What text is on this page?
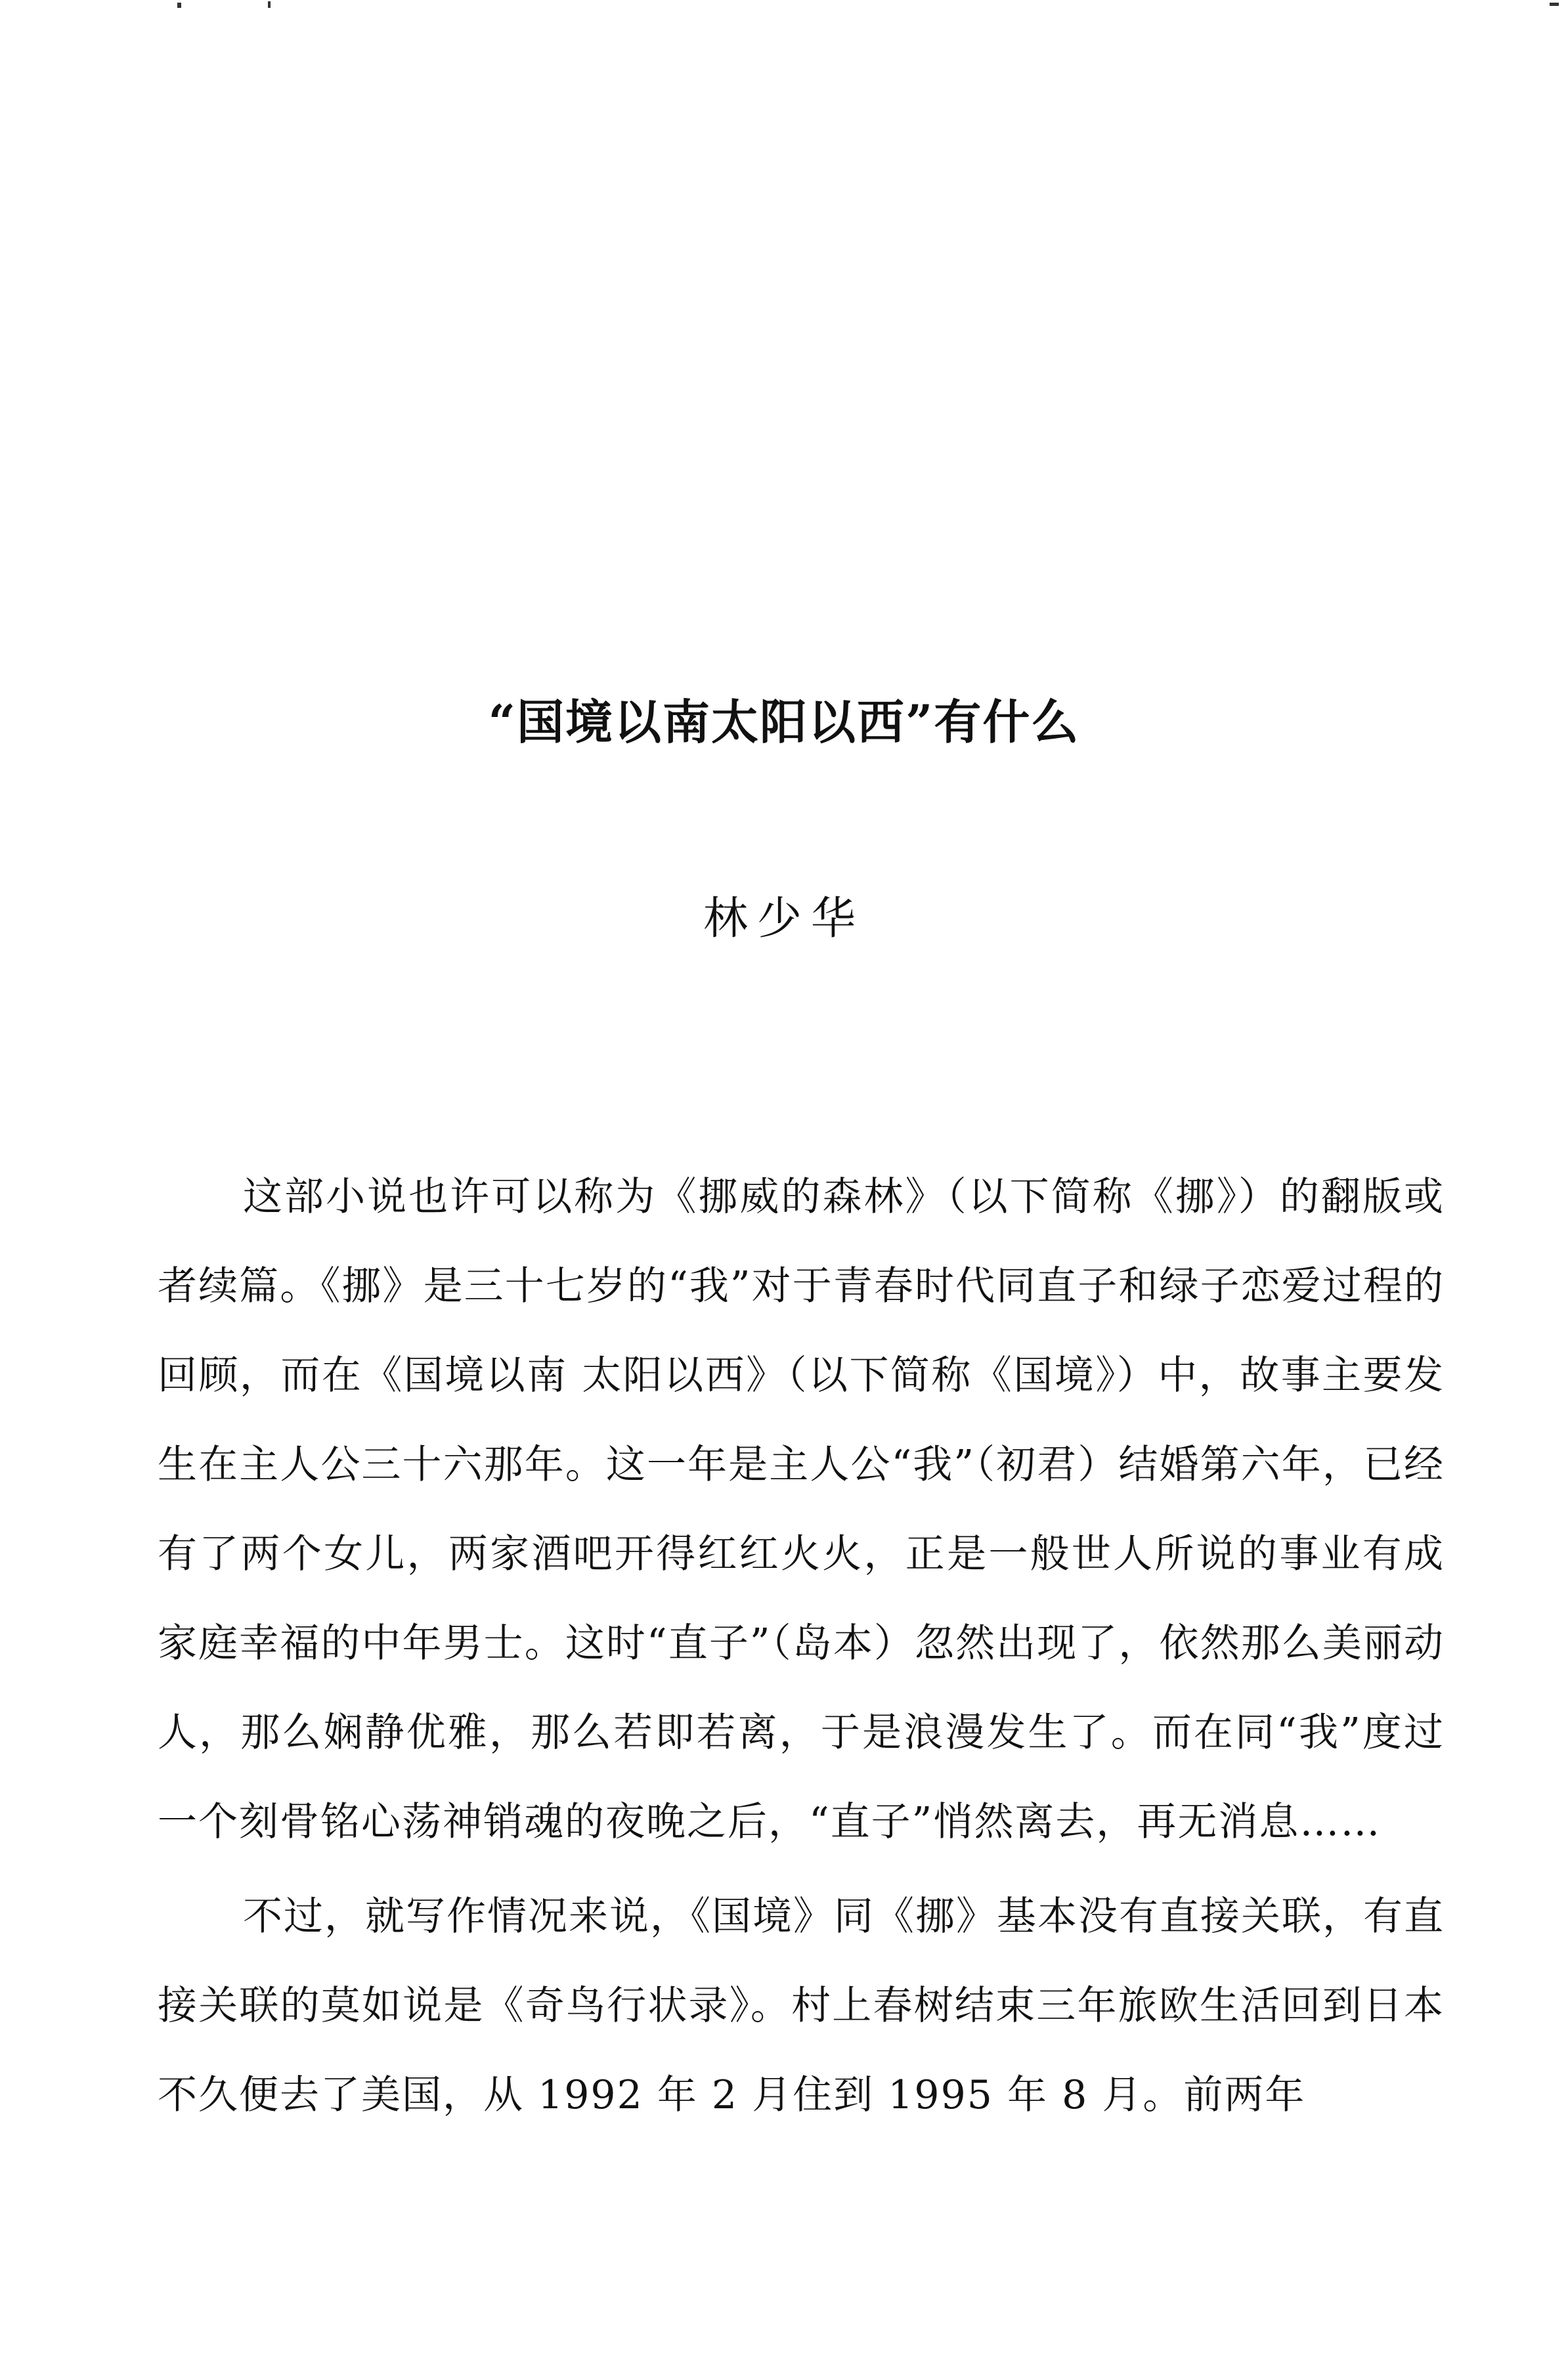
“国境以南太阳以西”有什么
林少华

这部小说也许可以称为《挪威的森林》（以下简称《挪》）的翻版或者续篇。《挪》是三十七岁的“我”对于青春时代同直子和绿子恋爱过程的回顾，而在《国境以南 太阳以西》（以下简称《国境》）中，故事主要发生在主人公三十六那年。这一年是主人公“我”（初君）结婚第六年，已经有了两个女儿，两家酒吧开得红红火火，正是一般世人所说的事业有成家庭幸福的中年男士。这时“直子”（岛本）忽然出现了，依然那么美丽动人，那么娴静优雅，那么若即若离，于是浪漫发生了。而在同“我”度过一个刻骨铭心荡神销魂的夜晚之后，“直子”悄然离去，再无消息……

不过，就写作情况来说，《国境》同《挪》基本没有直接关联，有直接关联的莫如说是《奇鸟行状录》。村上春树结束三年旅欧生活回到日本不久便去了美国，从 1992 年 2 月住到 1995 年 8 月。前两年
